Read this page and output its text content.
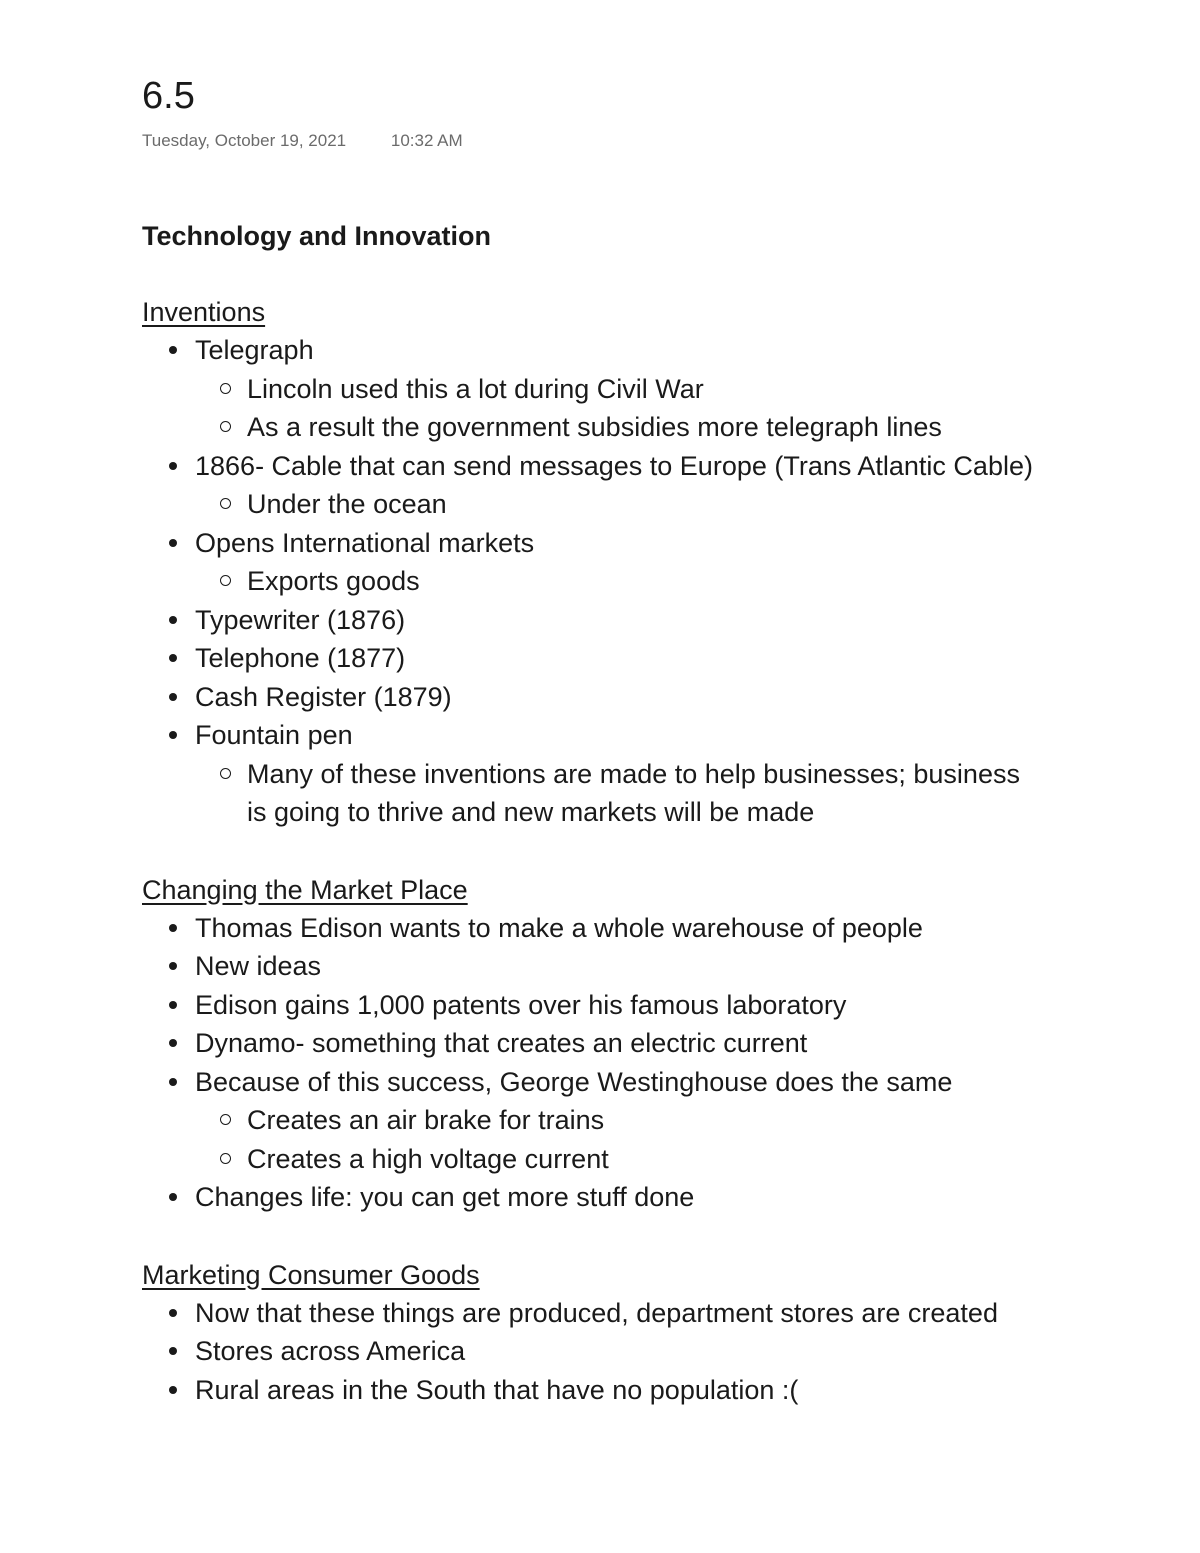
6.5
Tuesday, October 19, 2021	10:32 AM
Technology and Innovation
Inventions
Telegraph
Lincoln used this a lot during Civil War
As a result the government subsidies more telegraph lines
1866- Cable that can send messages to Europe (Trans Atlantic Cable)
Under the ocean
Opens International markets
Exports goods
Typewriter (1876)
Telephone (1877)
Cash Register (1879)
Fountain pen
Many of these inventions are made to help businesses; business is going to thrive and new markets will be made
Changing the Market Place
Thomas Edison wants to make a whole warehouse of people
New ideas
Edison gains 1,000 patents over his famous laboratory
Dynamo- something that creates an electric current
Because of this success, George Westinghouse does the same
Creates an air brake for trains
Creates a high voltage current
Changes life: you can get more stuff done
Marketing Consumer Goods
Now that these things are produced, department stores are created
Stores across America
Rural areas in the South that have no population :(
